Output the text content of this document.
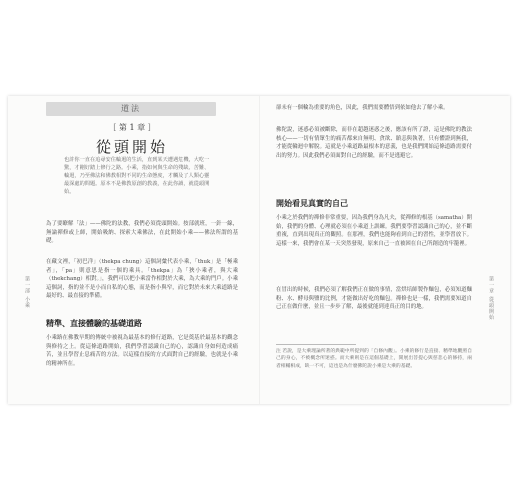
道法
[ 第 1 章 ]
從頭開始
也許你一直在追尋安住輪迴的生活，直到某天遭遇危機，大吃一驚，才剛好踏上修行之路。小乘，指如何與生命的殘缺、苦難、輪迴，乃至佛法和佛教相對不同的生命態度，才觸及了人類心靈最深處的問題。原本不是佛教原創的教義，在此你讀，就從頭開始。
為了要瞭解「法」——佛陀的法教，我們必須從頭開始。按部就班，一針一線，無論禪修或上師，開始吸納、探索大乘佛法，在此開始小乘——佛法所謂的基礎。
在藏文裡，「初巴洋」（thekpa chung）這個詞彙代表小乘，「thuk」是「極乘者」，「pa」則意思是指一個的乘具。「thekpa」為「狹小乘者，與大乘（thekchang）相對。」，我們可以把小乘當作相對於大乘，為大乘的門戶。小乘這個詞，指的並不是小而自私的心態，而是指小與窄，而它對於未來大乘道路是最好的、最直接的準備。
精準、直接體驗的基礎道路
小乘路在佛教早期的傳統中被視為最基本的修行道路，它是奠基於最基本的觀念與修持之上。從這條道路開始，我們學習認識自己的心，認識自身如何造成痛苦，並且學習止息痛苦的方法。以這樣直接的方式面對自己的經驗，也就是小乘的精神所在。
第一部 小乘
卻未有一個輪為重要的角色，因此，我們需要體悟到依如他去了解小乘。
佛陀說，迷惑必須被斷除，而非在超越迷惑之後，應該有所了證，這是佛陀的教法核心——一切有情眾生的痛苦都來自無明、貪欲、瞋恚與執著，只有體證到無我，才能從輪迴中解脫。這就是小乘道路最根本的意義，也是我們開始這條道路需要付出的努力。因此我們必須面對自己的經驗，而不是逃避它。
開始看見真實的自己
小乘之於我們的禪修非常重要，因為我們身為凡夫，從禪修的根基（samatha）開始，我們的身體、心理就必須在小乘道上訓練。我們要學習認識自己的心，並不斷重複，直到出現真正的觀照。在那裡，我們也能夠看到自己的習性，並學習放下。這樣一來，我們會在某一天突然發現，原來自己一直被困在自己所創造的牢籠裡。
在冒出的時候，我們必須了解我們正在做的事情，當烘培師製作麵包，必須知道麵粉、水、酵母與鹽的比例，才能做出好吃的麵包。禪修也是一樣，我們需要知道自己正在做什麼，並且一步步了解，最後就能到達真正的目的地。
注 若說，是大乘理論所著的典範中所提到的「自修內觀」。小乘的修行是直接、精準地觀照自己的身心，不被概念所迷惑。而大乘則是在這個基礎上，開展出菩提心與慈悲心的修持，兩者相輔相成，缺一不可，這也是為什麼佛陀說小乘是大乘的基礎。
第一章 從頭開始
